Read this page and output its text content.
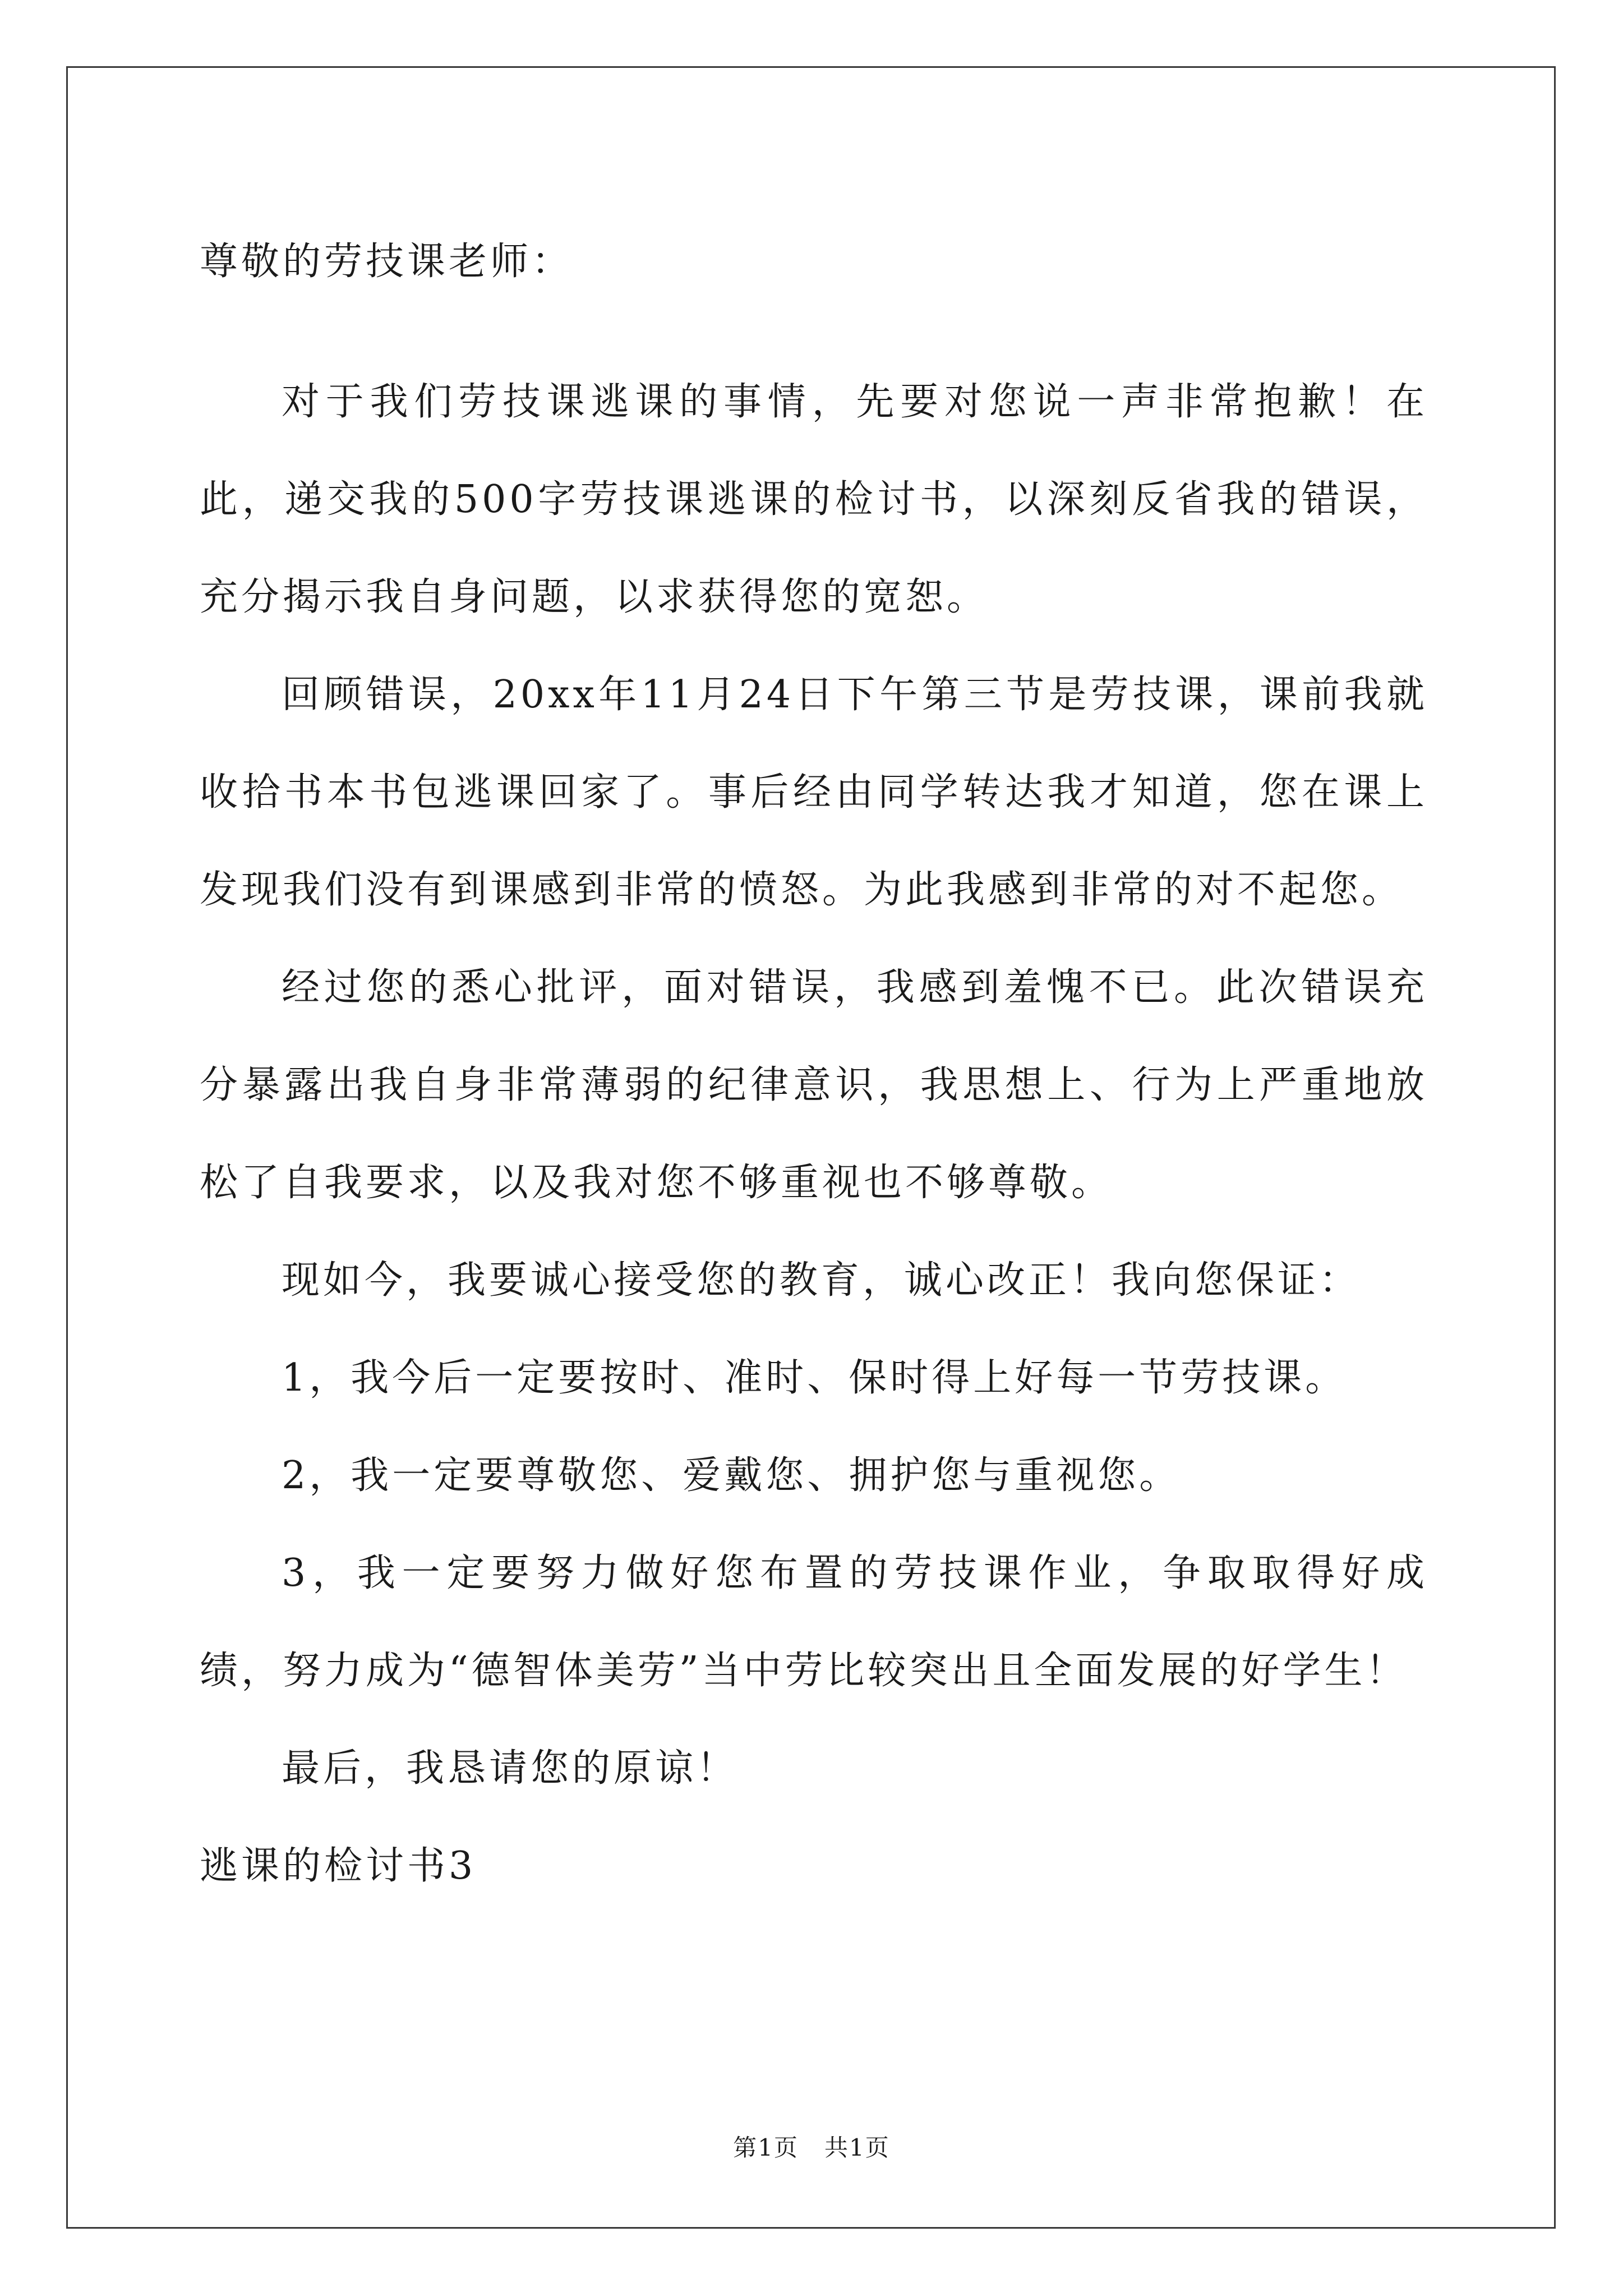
尊敬的劳技课老师：

对于我们劳技课逃课的事情，先要对您说一声非常抱歉！在此，递交我的500字劳技课逃课的检讨书，以深刻反省我的错误，充分揭示我自身问题，以求获得您的宽恕。

回顾错误，20xx年11月24日下午第三节是劳技课，课前我就收拾书本书包逃课回家了。事后经由同学转达我才知道，您在课上发现我们没有到课感到非常的愤怒。为此我感到非常的对不起您。

经过您的悉心批评，面对错误，我感到羞愧不已。此次错误充分暴露出我自身非常薄弱的纪律意识，我思想上、行为上严重地放松了自我要求，以及我对您不够重视也不够尊敬。

现如今，我要诚心接受您的教育，诚心改正！我向您保证：

1，我今后一定要按时、准时、保时得上好每一节劳技课。

2，我一定要尊敬您、爱戴您、拥护您与重视您。

3，我一定要努力做好您布置的劳技课作业，争取取得好成绩，努力成为“德智体美劳”当中劳比较突出且全面发展的好学生！

最后，我恳请您的原谅！

逃课的检讨书3

第1页 共1页
